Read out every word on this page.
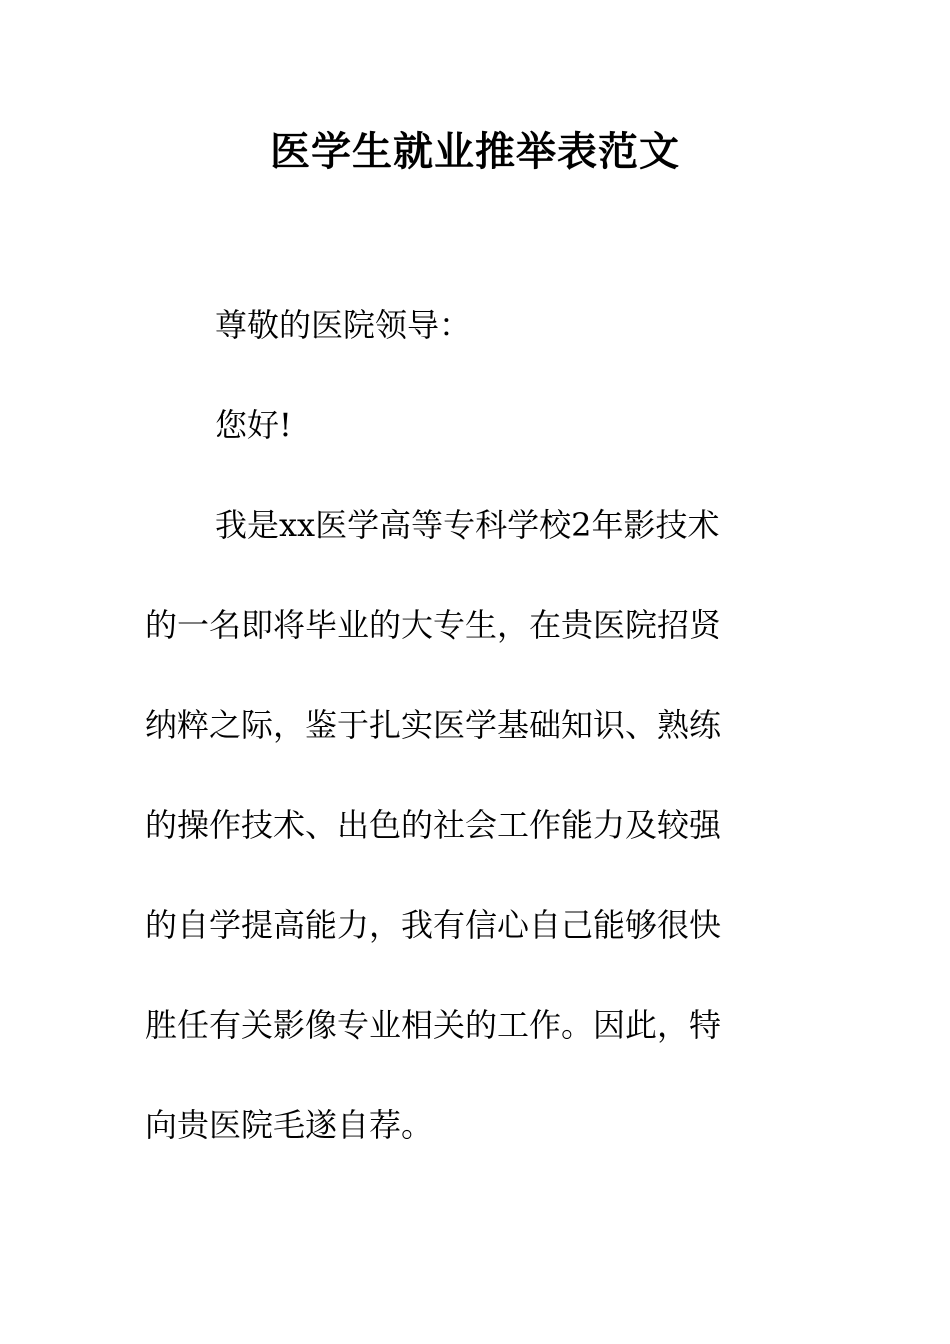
医学生就业推举表范文
尊敬的医院领导：
您好!
我是xx医学高等专科学校2年影技术
的一名即将毕业的大专生，在贵医院招贤
纳粹之际，鉴于扎实医学基础知识、熟练
的操作技术、出色的社会工作能力及较强
的自学提高能力，我有信心自己能够很快
胜任有关影像专业相关的工作。因此，特
向贵医院毛遂自荐。
